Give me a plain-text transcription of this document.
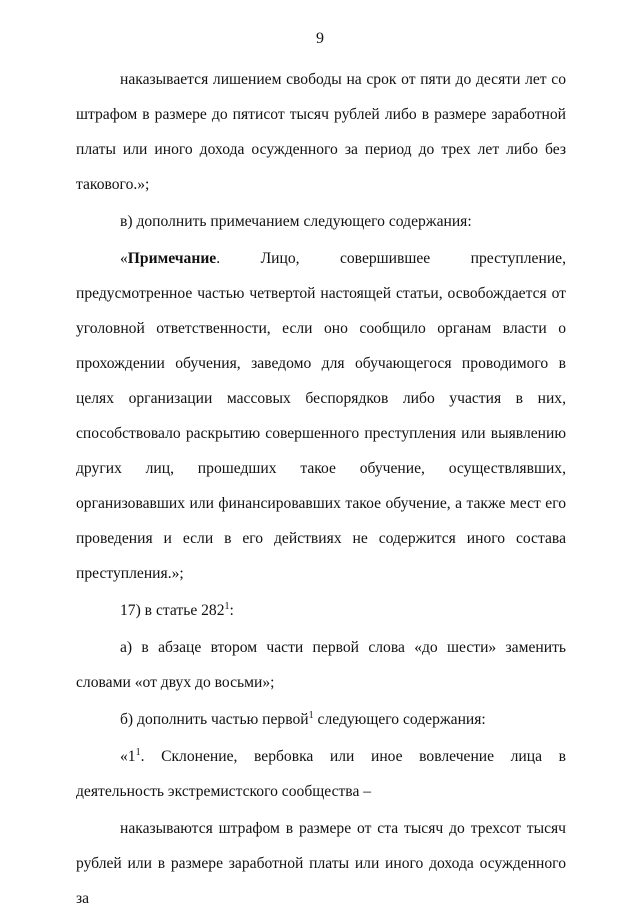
9

наказывается лишением свободы на срок от пяти до десяти лет со штрафом в размере до пятисот тысяч рублей либо в размере заработной платы или иного дохода осужденного за период до трех лет либо без такового.»;

в) дополнить примечанием следующего содержания:

«Примечание. Лицо, совершившее преступление, предусмотренное частью четвертой настоящей статьи, освобождается от уголовной ответственности, если оно сообщило органам власти о прохождении обучения, заведомо для обучающегося проводимого в целях организации массовых беспорядков либо участия в них, способствовало раскрытию совершенного преступления или выявлению других лиц, прошедших такое обучение, осуществлявших, организовавших или финансировавших такое обучение, а также мест его проведения и если в его действиях не содержится иного состава преступления.»;

17) в статье $282^1$:

а) в абзаце втором части первой слова «до шести» заменить словами «от двух до восьми»;

б) дополнить частью первой$^1$ следующего содержания:

«$1^1$. Склонение, вербовка или иное вовлечение лица в деятельность экстремистского сообщества –

наказываются штрафом в размере от ста тысяч до трехсот тысяч рублей или в размере заработной платы или иного дохода осужденного за
